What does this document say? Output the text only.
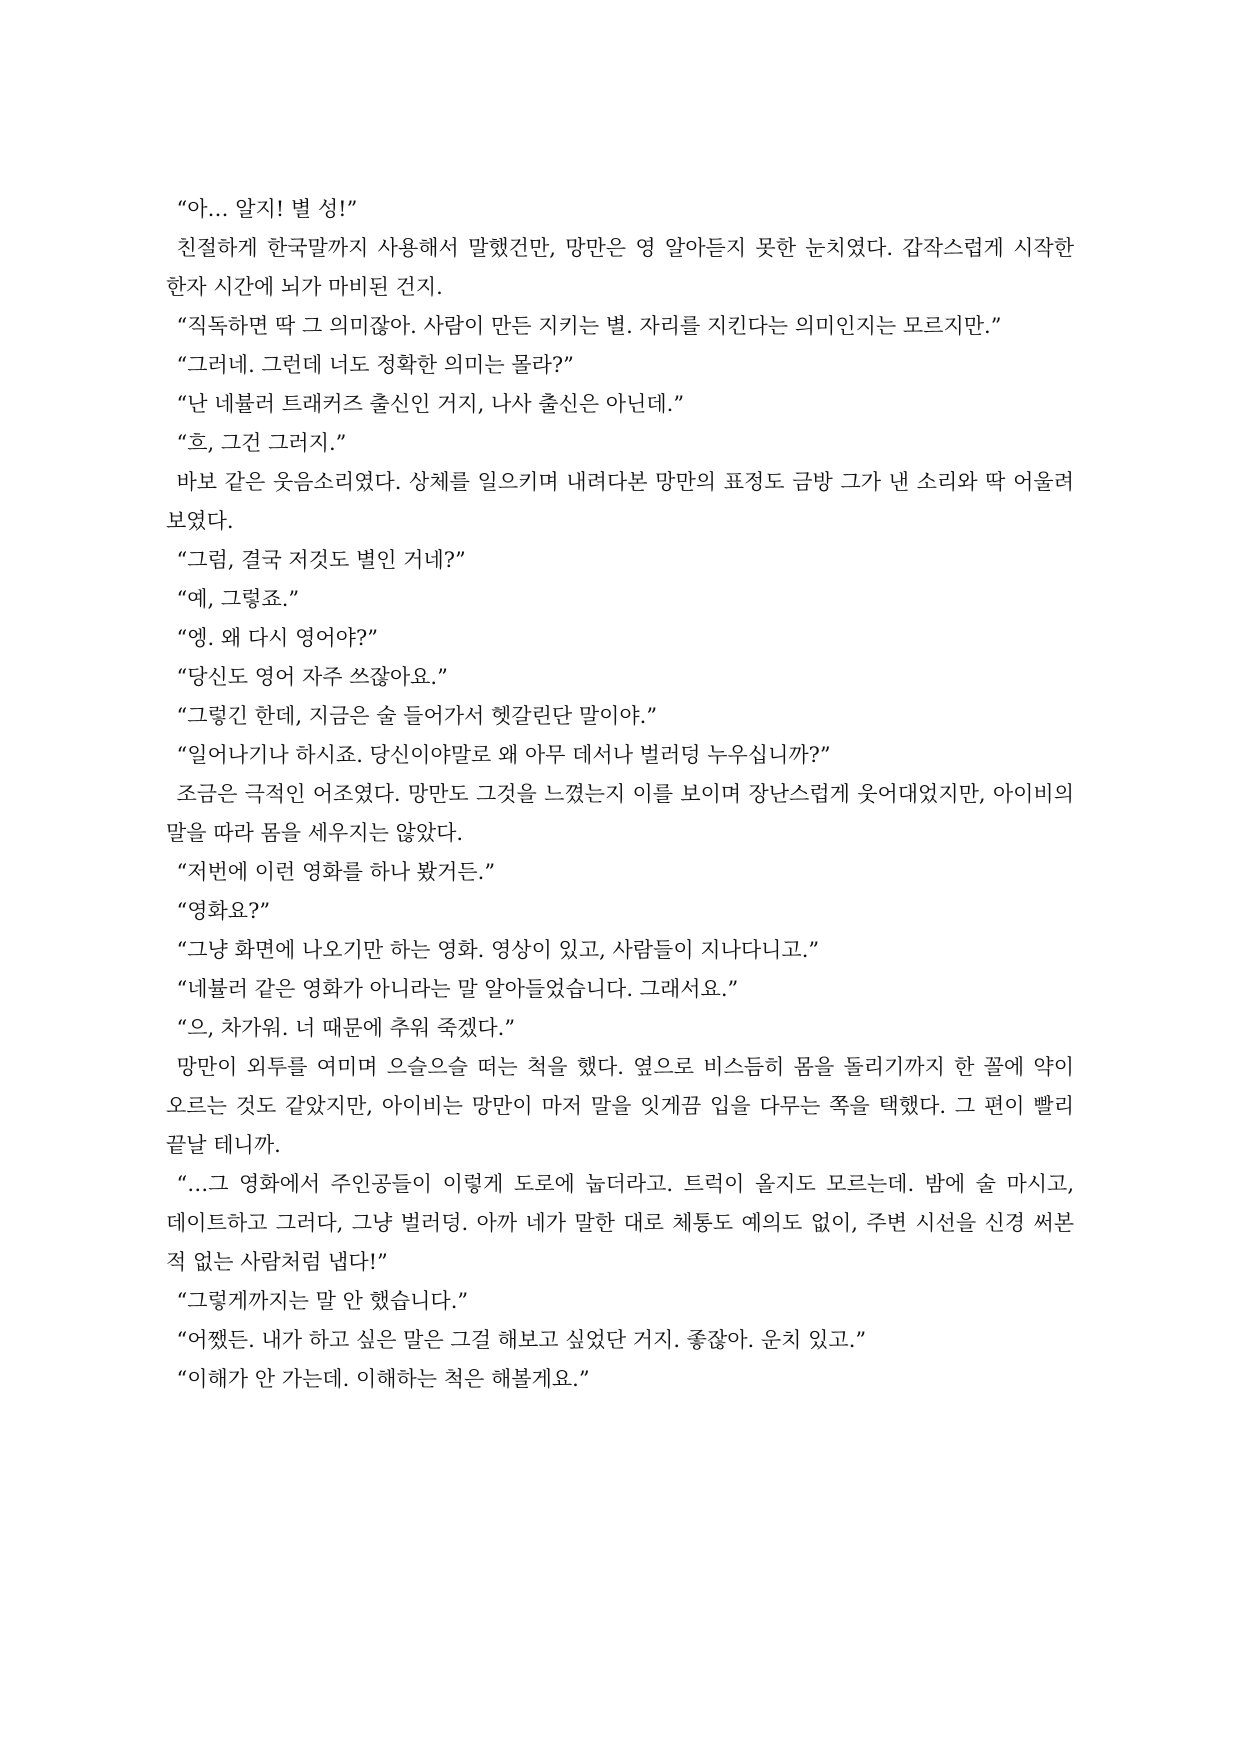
“아… 알지! 별 성!”

친절하게 한국말까지 사용해서 말했건만, 망만은 영 알아듣지 못한 눈치였다. 갑작스럽게 시작한 한자 시간에 뇌가 마비된 건지.

“직독하면 딱 그 의미잖아. 사람이 만든 지키는 별. 자리를 지킨다는 의미인지는 모르지만.”

“그러네. 그런데 너도 정확한 의미는 몰라?”

“난 네뷸러 트래커즈 출신인 거지, 나사 출신은 아닌데.”

“흐, 그건 그러지.”

바보 같은 웃음소리였다. 상체를 일으키며 내려다본 망만의 표정도 금방 그가 낸 소리와 딱 어울려 보였다.

“그럼, 결국 저것도 별인 거네?”

“예, 그렇죠.”

“엥. 왜 다시 영어야?”

“당신도 영어 자주 쓰잖아요.”

“그렇긴 한데, 지금은 술 들어가서 헷갈린단 말이야.”

“일어나기나 하시죠. 당신이야말로 왜 아무 데서나 벌러덩 누우십니까?”

조금은 극적인 어조였다. 망만도 그것을 느꼈는지 이를 보이며 장난스럽게 웃어대었지만, 아이비의 말을 따라 몸을 세우지는 않았다.

“저번에 이런 영화를 하나 봤거든.”

“영화요?”

“그냥 화면에 나오기만 하는 영화. 영상이 있고, 사람들이 지나다니고.”

“네뷸러 같은 영화가 아니라는 말 알아들었습니다. 그래서요.”

“으, 차가워. 너 때문에 추워 죽겠다.”

망만이 외투를 여미며 으슬으슬 떠는 척을 했다. 옆으로 비스듬히 몸을 돌리기까지 한 꼴에 약이 오르는 것도 같았지만, 아이비는 망만이 마저 말을 잇게끔 입을 다무는 쪽을 택했다. 그 편이 빨리 끝날 테니까.

“…그 영화에서 주인공들이 이렇게 도로에 눕더라고. 트럭이 올지도 모르는데. 밤에 술 마시고, 데이트하고 그러다, 그냥 벌러덩. 아까 네가 말한 대로 체통도 예의도 없이, 주변 시선을 신경 써본 적 없는 사람처럼 냅다!”

“그렇게까지는 말 안 했습니다.”

“어쨌든. 내가 하고 싶은 말은 그걸 해보고 싶었단 거지. 좋잖아. 운치 있고.”

“이해가 안 가는데. 이해하는 척은 해볼게요.”
